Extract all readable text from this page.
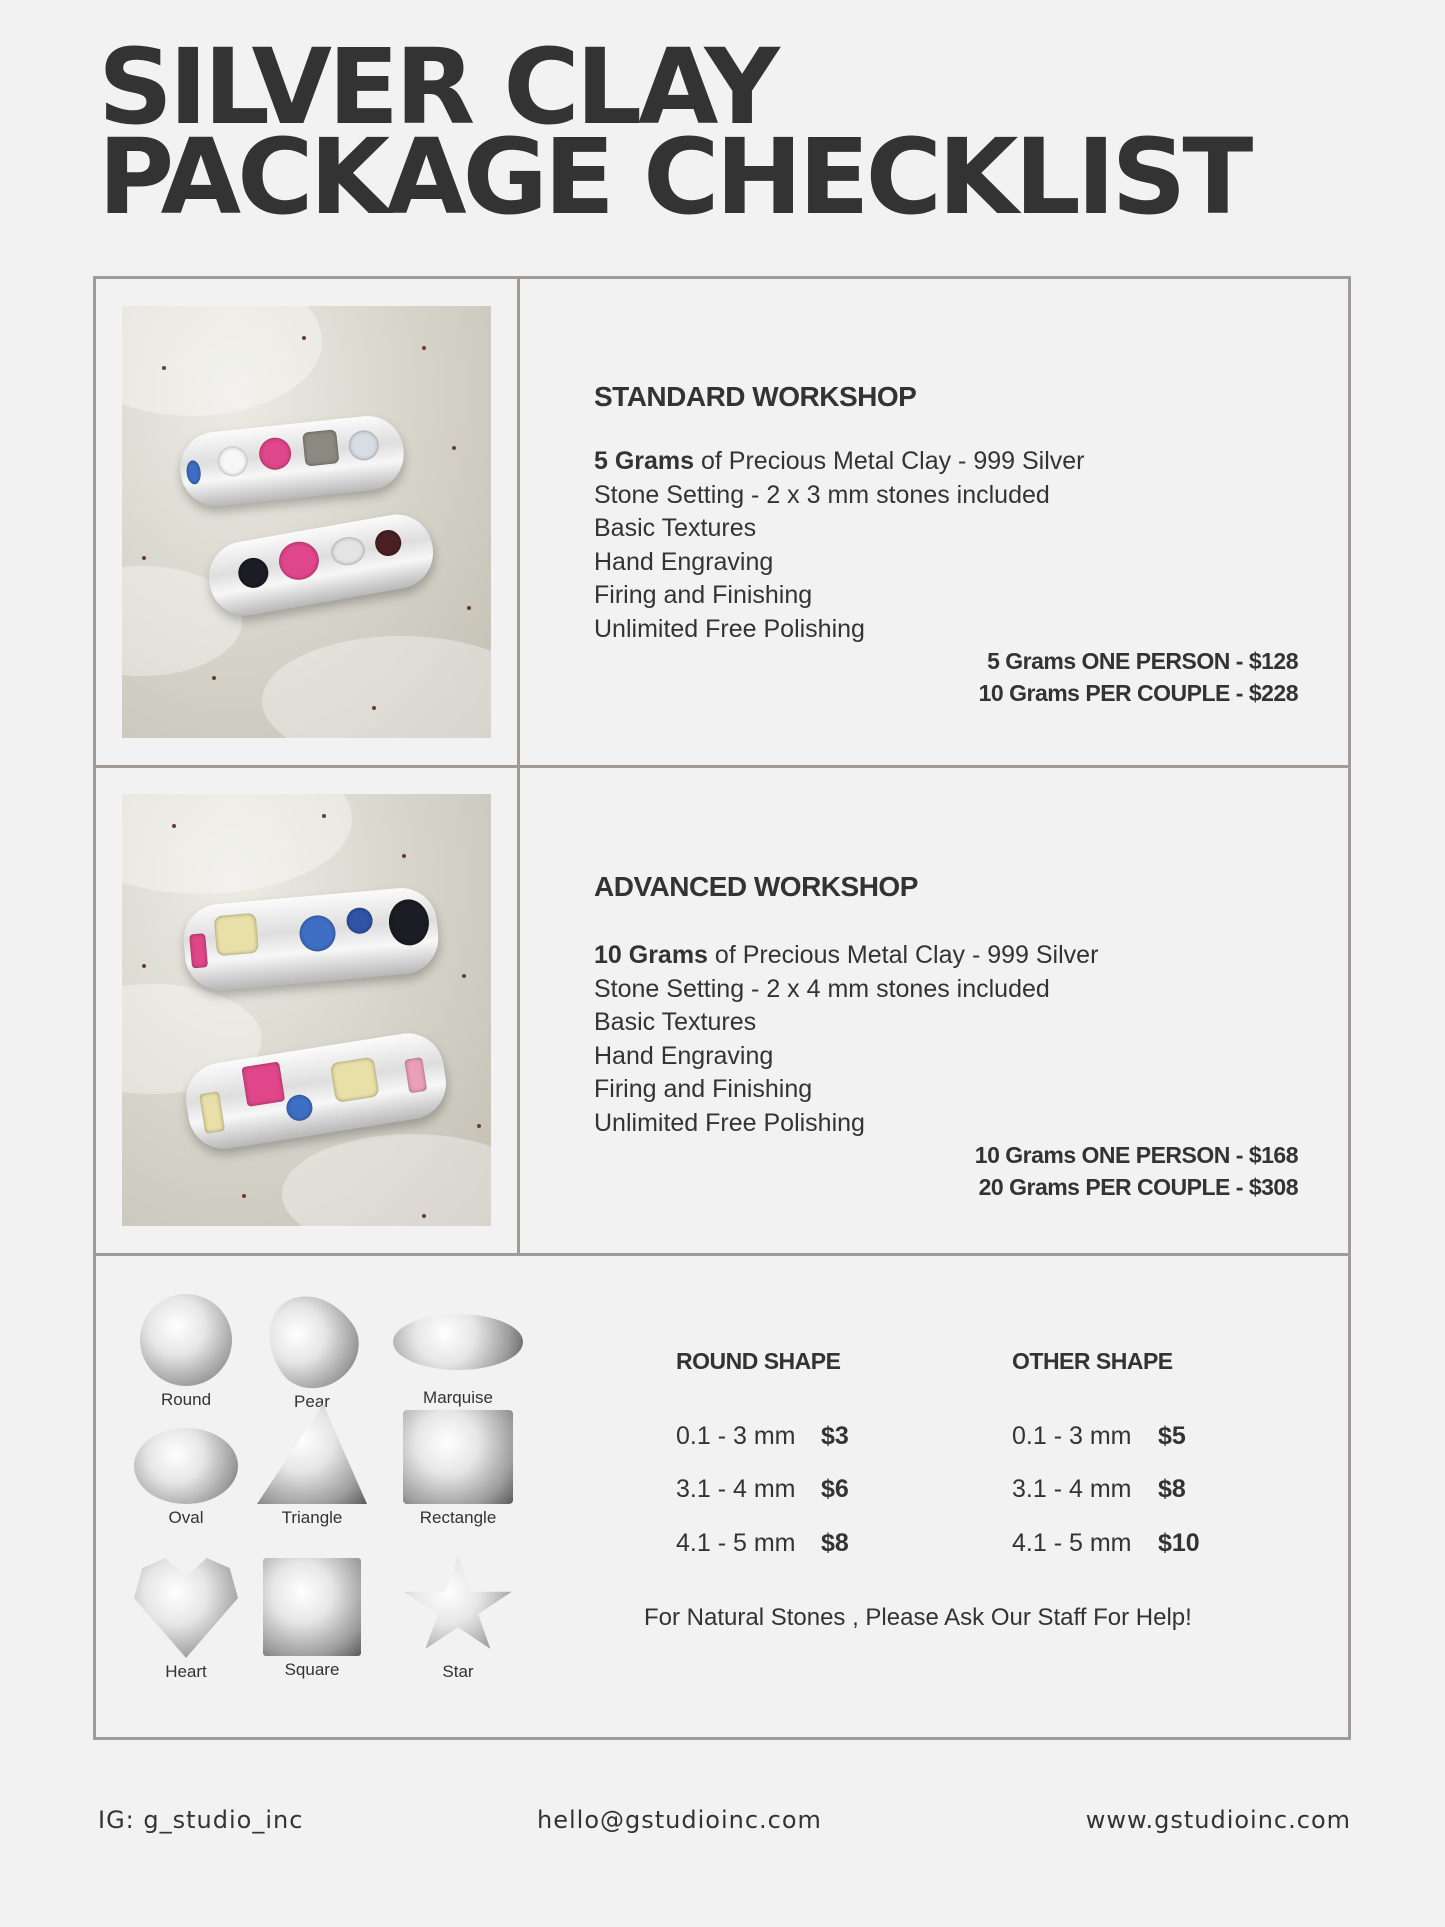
SILVER CLAY
PACKAGE CHECKLIST
STANDARD WORKSHOP
5 Grams of Precious Metal Clay - 999 Silver
Stone Setting - 2 x 3 mm stones included
Basic Textures
Hand Engraving
Firing and Finishing
Unlimited Free Polishing
5 Grams ONE PERSON - $128
10 Grams PER COUPLE - $228
ADVANCED WORKSHOP
10 Grams of Precious Metal Clay - 999 Silver
Stone Setting - 2 x 4 mm stones included
Basic Textures
Hand Engraving
Firing and Finishing
Unlimited Free Polishing
10 Grams ONE PERSON - $168
20 Grams PER COUPLE - $308
Round	Pear	Marquise
Oval	Triangle	Rectangle
Heart	Square	Star
ROUND SHAPE
0.1 - 3 mm $3
3.1 - 4 mm $6
4.1 - 5 mm $8
OTHER SHAPE
0.1 - 3 mm $5
3.1 - 4 mm $8
4.1 - 5 mm $10
For Natural Stones , Please Ask Our Staff For Help!
IG: g_studio_inc	hello@gstudioinc.com	www.gstudioinc.com
